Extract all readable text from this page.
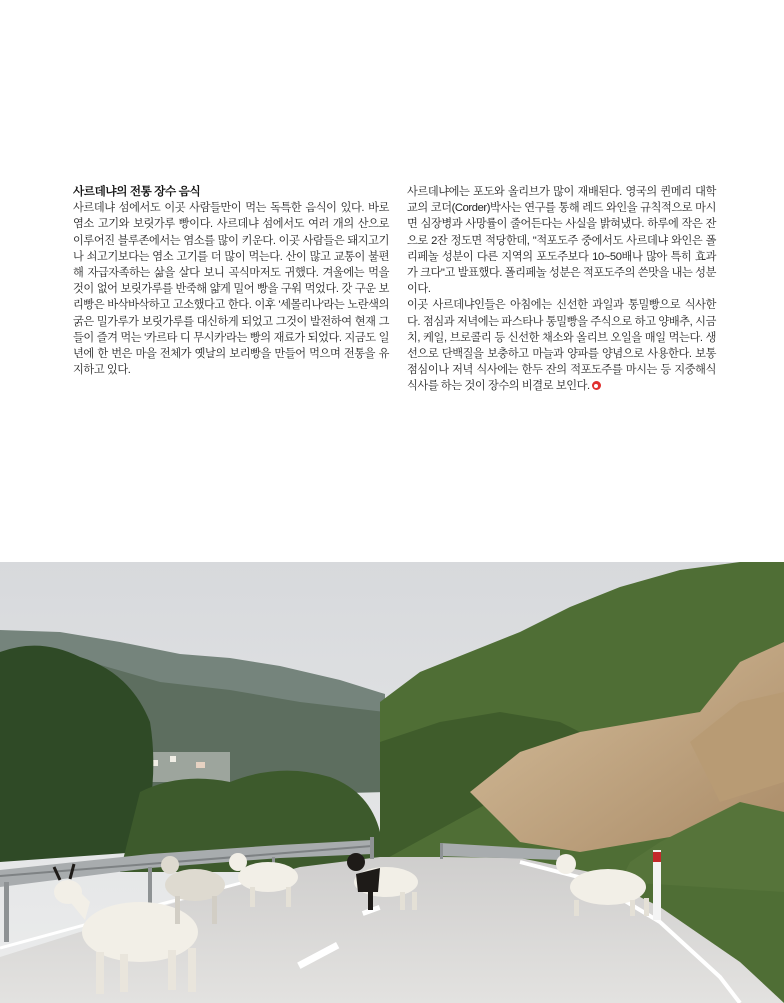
사르데냐의 전통 장수 음식

사르데냐 섬에서도 이곳 사람들만이 먹는 독특한 음식이 있다. 바로 염소 고기와 보릿가루 빵이다. 사르데냐 섬에서도 여러 개의 산으로 이루어진 블루존에서는 염소를 많이 키운다. 이곳 사람들은 돼지고기나 쇠고기보다는 염소 고기를 더 많이 먹는다. 산이 많고 교통이 불편해 자급자족하는 삶을 살다 보니 곡식마저도 귀했다. 겨울에는 먹을 것이 없어 보릿가루를 반죽해 얇게 밀어 빵을 구워 먹었다. 갓 구운 보리빵은 바삭바삭하고 고소했다고 한다. 이후 '세몰리나'라는 노란색의 굵은 밀가루가 보릿가루를 대신하게 되었고 그것이 발전하여 현재 그들이 즐겨 먹는 '카르타 디 무시카'라는 빵의 재료가 되었다. 지금도 일 년에 한 번은 마을 전체가 옛날의 보리빵을 만들어 먹으며 전통을 유지하고 있다.

사르데냐에는 포도와 올리브가 많이 재배된다. 영국의 퀸메리 대학교의 코더(Corder)박사는 연구를 통해 레드 와인을 규칙적으로 마시면 심장병과 사망률이 줄어든다는 사실을 밝혀냈다. 하루에 작은 잔으로 2잔 정도면 적당한데, "적포도주 중에서도 사르데냐 와인은 폴리페놀 성분이 다른 지역의 포도주보다 10~50배나 많아 특히 효과가 크다"고 발표했다. 폴리페놀 성분은 적포도주의 쓴맛을 내는 성분이다.

이곳 사르데냐인들은 아침에는 신선한 과일과 통밀빵으로 식사한다. 점심과 저녁에는 파스타나 통밀빵을 주식으로 하고 양배추, 시금치, 케일, 브로콜리 등 신선한 채소와 올리브 오일을 매일 먹는다. 생선으로 단백질을 보충하고 마늘과 양파를 양념으로 사용한다. 보통 점심이나 저녁 식사에는 한두 잔의 적포도주를 마시는 등 지중해식 식사를 하는 것이 장수의 비결로 보인다.
